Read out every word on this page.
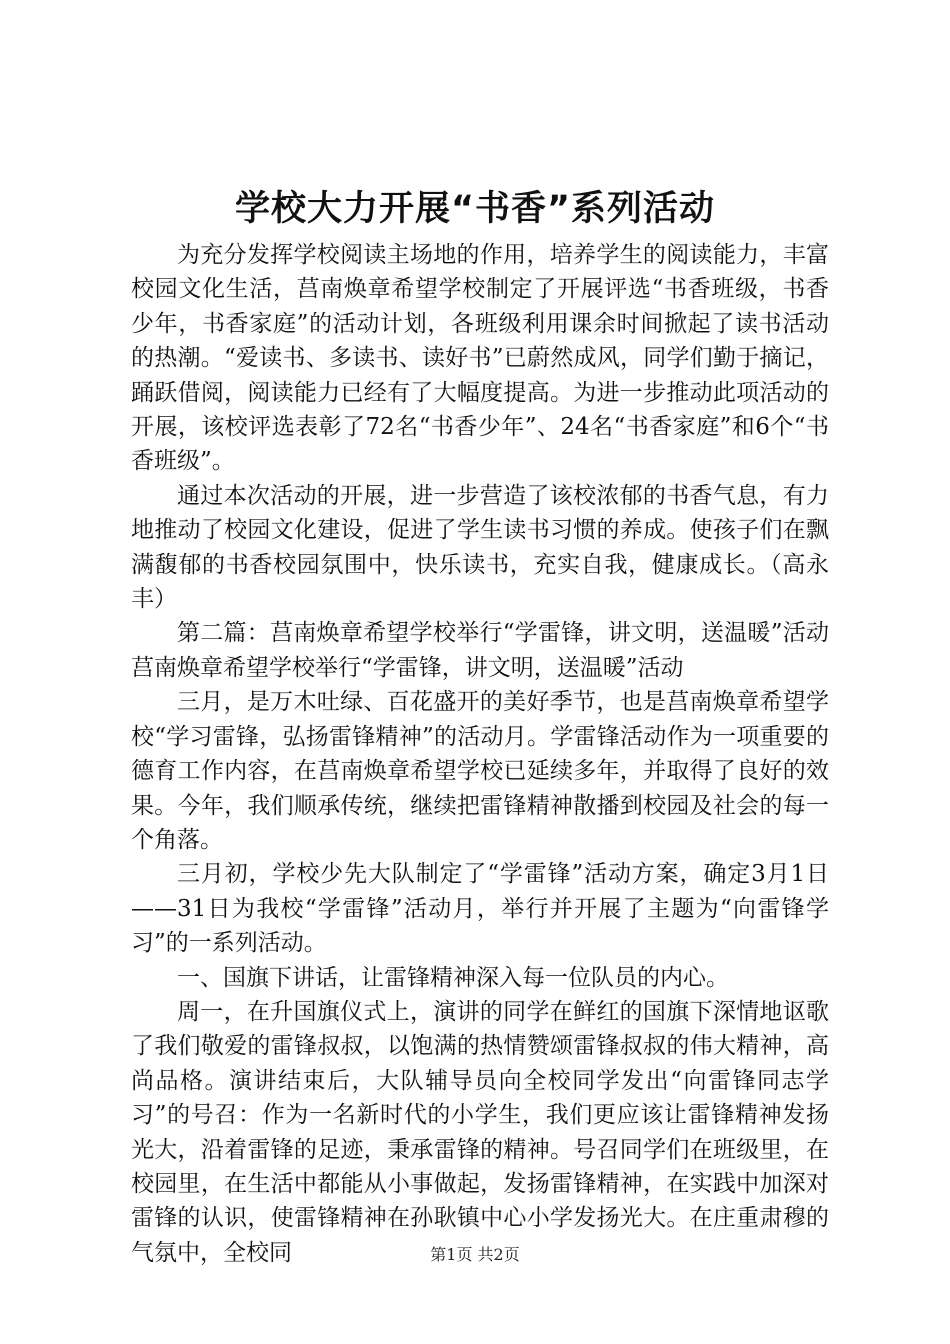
学校大力开展“书香”系列活动

为充分发挥学校阅读主场地的作用，培养学生的阅读能力，丰富校园文化生活，莒南焕章希望学校制定了开展评选“书香班级，书香少年，书香家庭”的活动计划，各班级利用课余时间掀起了读书活动的热潮。“爱读书、多读书、读好书”已蔚然成风，同学们勤于摘记，踊跃借阅，阅读能力已经有了大幅度提高。为进一步推动此项活动的开展，该校评选表彰了72名“书香少年”、24名“书香家庭”和6个“书香班级”。

通过本次活动的开展，进一步营造了该校浓郁的书香气息，有力地推动了校园文化建设，促进了学生读书习惯的养成。使孩子们在飘满馥郁的书香校园氛围中，快乐读书，充实自我，健康成长。（高永丰）

第二篇：莒南焕章希望学校举行“学雷锋，讲文明，送温暖”活动莒南焕章希望学校举行“学雷锋，讲文明，送温暖”活动

三月，是万木吐绿、百花盛开的美好季节，也是莒南焕章希望学校“学习雷锋，弘扬雷锋精神”的活动月。学雷锋活动作为一项重要的德育工作内容，在莒南焕章希望学校已延续多年，并取得了良好的效果。今年，我们顺承传统，继续把雷锋精神散播到校园及社会的每一个角落。

三月初，学校少先大队制定了“学雷锋”活动方案，确定3月1日——31日为我校“学雷锋”活动月，举行并开展了主题为“向雷锋学习”的一系列活动。

一、国旗下讲话，让雷锋精神深入每一位队员的内心。

周一，在升国旗仪式上，演讲的同学在鲜红的国旗下深情地讴歌了我们敬爱的雷锋叔叔，以饱满的热情赞颂雷锋叔叔的伟大精神，高尚品格。演讲结束后，大队辅导员向全校同学发出“向雷锋同志学习”的号召：作为一名新时代的小学生，我们更应该让雷锋精神发扬光大，沿着雷锋的足迹，秉承雷锋的精神。号召同学们在班级里，在校园里，在生活中都能从小事做起，发扬雷锋精神，在实践中加深对雷锋的认识，使雷锋精神在孙耿镇中心小学发扬光大。在庄重肃穆的气氛中，全校同	第1页 共2页
